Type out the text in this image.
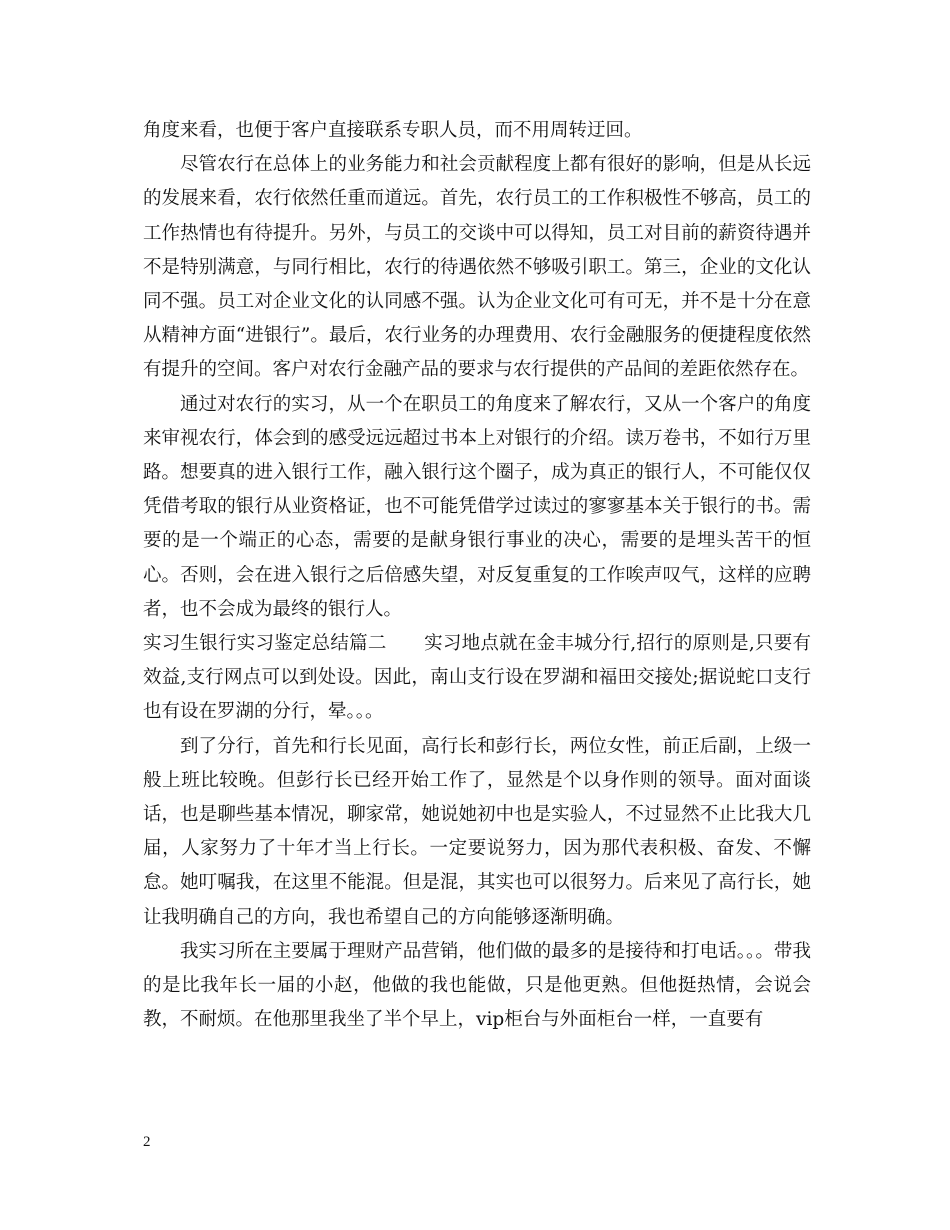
角度来看，也便于客户直接联系专职人员，而不用周转迂回。

尽管农行在总体上的业务能力和社会贡献程度上都有很好的影响，但是从长远的发展来看，农行依然任重而道远。首先，农行员工的工作积极性不够高，员工的工作热情也有待提升。另外，与员工的交谈中可以得知，员工对目前的薪资待遇并不是特别满意，与同行相比，农行的待遇依然不够吸引职工。第三，企业的文化认同不强。员工对企业文化的认同感不强。认为企业文化可有可无，并不是十分在意从精神方面“进银行”。最后，农行业务的办理费用、农行金融服务的便捷程度依然有提升的空间。客户对农行金融产品的要求与农行提供的产品间的差距依然存在。

通过对农行的实习，从一个在职员工的角度来了解农行，又从一个客户的角度来审视农行，体会到的感受远远超过书本上对银行的介绍。读万卷书，不如行万里路。想要真的进入银行工作，融入银行这个圈子，成为真正的银行人，不可能仅仅凭借考取的银行从业资格证，也不可能凭借学过读过的寥寥基本关于银行的书。需要的是一个端正的心态，需要的是献身银行事业的决心，需要的是埋头苦干的恒心。否则，会在进入银行之后倍感失望，对反复重复的工作唉声叹气，这样的应聘者，也不会成为最终的银行人。

实习生银行实习鉴定总结篇二　　实习地点就在金丰城分行,招行的原则是,只要有效益,支行网点可以到处设。因此，南山支行设在罗湖和福田交接处;据说蛇口支行也有设在罗湖的分行，晕。。。

到了分行，首先和行长见面，高行长和彭行长，两位女性，前正后副，上级一般上班比较晚。但彭行长已经开始工作了，显然是个以身作则的领导。面对面谈话，也是聊些基本情况，聊家常，她说她初中也是实验人，不过显然不止比我大几届，人家努力了十年才当上行长。一定要说努力，因为那代表积极、奋发、不懈怠。她叮嘱我，在这里不能混。但是混，其实也可以很努力。后来见了高行长，她让我明确自己的方向，我也希望自己的方向能够逐渐明确。

我实习所在主要属于理财产品营销，他们做的最多的是接待和打电话。。。带我的是比我年长一届的小赵，他做的我也能做，只是他更熟。但他挺热情，会说会教，不耐烦。在他那里我坐了半个早上，vip柜台与外面柜台一样，一直要有

2
